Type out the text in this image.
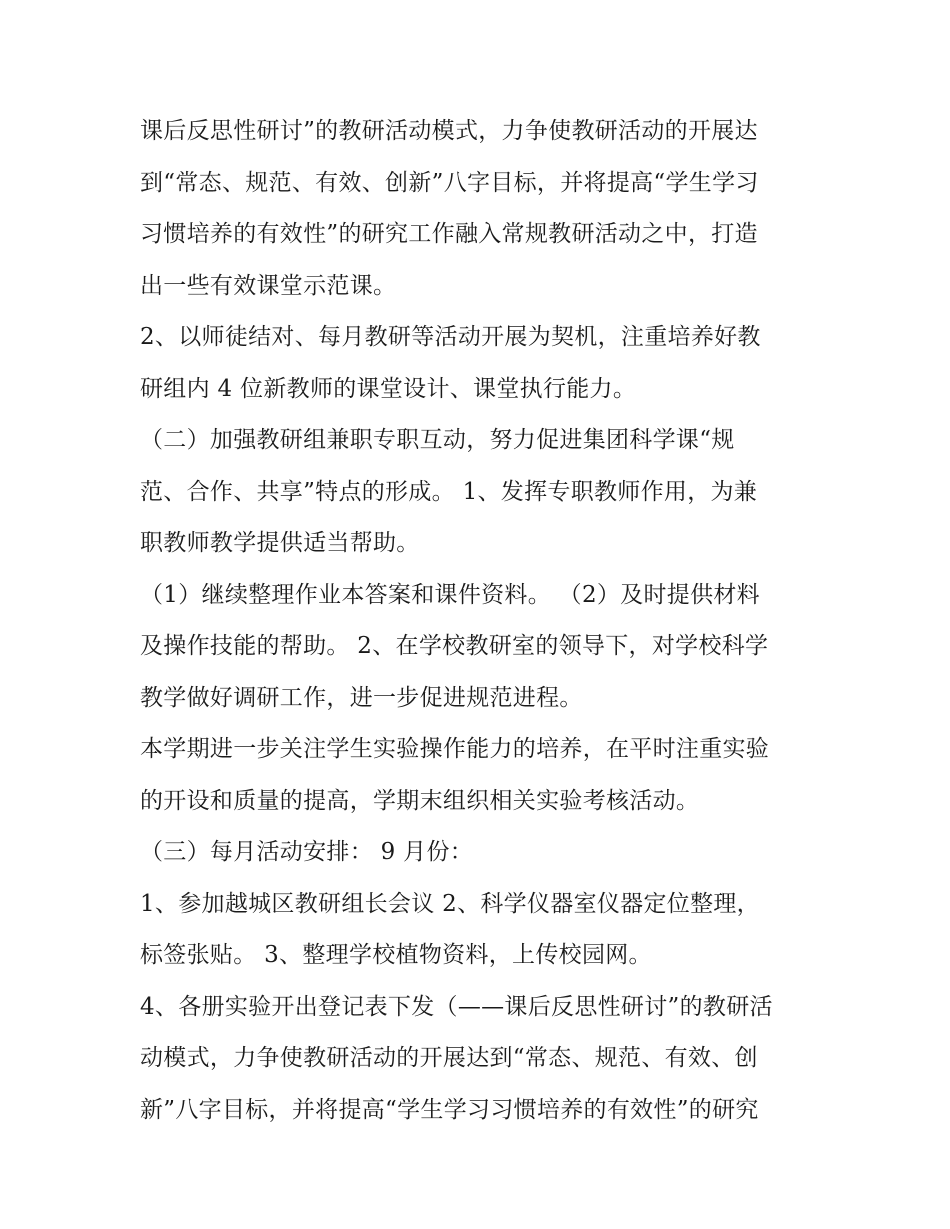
课后反思性研讨”的教研活动模式，力争使教研活动的开展达
到“常态、规范、有效、创新”八字目标，并将提高“学生学习
习惯培养的有效性”的研究工作融入常规教研活动之中，打造
出一些有效课堂示范课。
2、以师徒结对、每月教研等活动开展为契机，注重培养好教
研组内 4 位新教师的课堂设计、课堂执行能力。
（二）加强教研组兼职专职互动，努力促进集团科学课“规
范、合作、共享”特点的形成。 1、发挥专职教师作用，为兼
职教师教学提供适当帮助。
（1）继续整理作业本答案和课件资料。 （2）及时提供材料
及操作技能的帮助。 2、在学校教研室的领导下，对学校科学
教学做好调研工作，进一步促进规范进程。
本学期进一步关注学生实验操作能力的培养，在平时注重实验
的开设和质量的提高，学期末组织相关实验考核活动。
（三）每月活动安排： 9 月份：
1、参加越城区教研组长会议 2、科学仪器室仪器定位整理，
标签张贴。 3、整理学校植物资料，上传校园网。
4、各册实验开出登记表下发（——课后反思性研讨”的教研活
动模式，力争使教研活动的开展达到“常态、规范、有效、创
新”八字目标，并将提高“学生学习习惯培养的有效性”的研究
